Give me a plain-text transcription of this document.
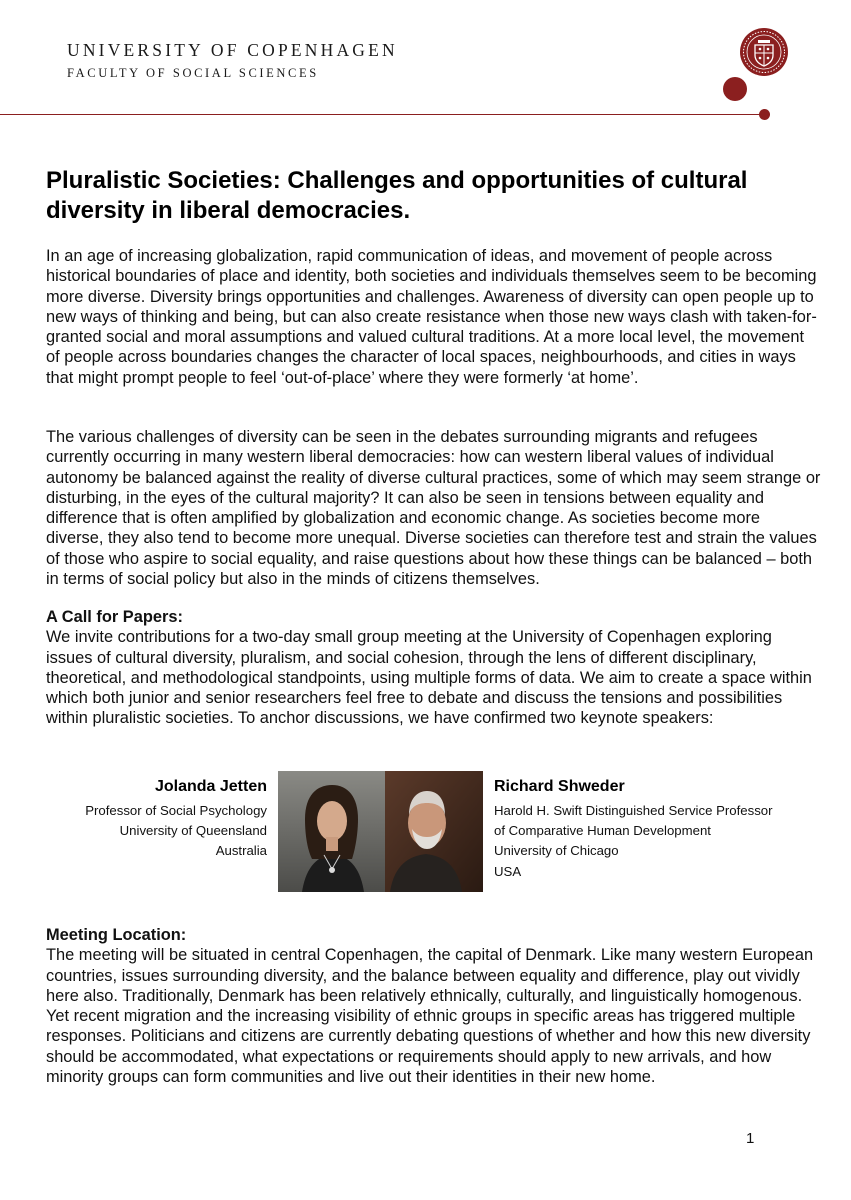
UNIVERSITY OF COPENHAGEN
FACULTY OF SOCIAL SCIENCES
Pluralistic Societies: Challenges and opportunities of cultural diversity in liberal democracies.

In an age of increasing globalization, rapid communication of ideas, and movement of people across historical boundaries of place and identity, both societies and individuals themselves seem to be becoming more diverse. Diversity brings opportunities and challenges. Awareness of diversity can open people up to new ways of thinking and being, but can also create resistance when those new ways clash with taken-for-granted social and moral assumptions and valued cultural traditions. At a more local level, the movement of people across boundaries changes the character of local spaces, neighbourhoods, and cities in ways that might prompt people to feel ‘out-of-place’ where they were formerly ‘at home’.

The various challenges of diversity can be seen in the debates surrounding migrants and refugees currently occurring in many western liberal democracies: how can western liberal values of individual autonomy be balanced against the reality of diverse cultural practices, some of which may seem strange or disturbing, in the eyes of the cultural majority? It can also be seen in tensions between equality and difference that is often amplified by globalization and economic change. As societies become more diverse, they also tend to become more unequal. Diverse societies can therefore test and strain the values of those who aspire to social equality, and raise questions about how these things can be balanced – both in terms of social policy but also in the minds of citizens themselves.

A Call for Papers:
We invite contributions for a two-day small group meeting at the University of Copenhagen exploring issues of cultural diversity, pluralism, and social cohesion, through the lens of different disciplinary, theoretical, and methodological standpoints, using multiple forms of data. We aim to create a space within which both junior and senior researchers feel free to debate and discuss the tensions and possibilities within pluralistic societies. To anchor discussions, we have confirmed two keynote speakers:
Jolanda Jetten
Professor of Social Psychology
University of Queensland
Australia
Richard Shweder
Harold H. Swift Distinguished Service Professor
of Comparative Human Development
University of Chicago
USA
Meeting Location:
The meeting will be situated in central Copenhagen, the capital of Denmark. Like many western European countries, issues surrounding diversity, and the balance between equality and difference, play out vividly here also. Traditionally, Denmark has been relatively ethnically, culturally, and linguistically homogenous. Yet recent migration and the increasing visibility of ethnic groups in specific areas has triggered multiple responses. Politicians and citizens are currently debating questions of whether and how this new diversity should be accommodated, what expectations or requirements should apply to new arrivals, and how minority groups can form communities and live out their identities in their new home.
1
